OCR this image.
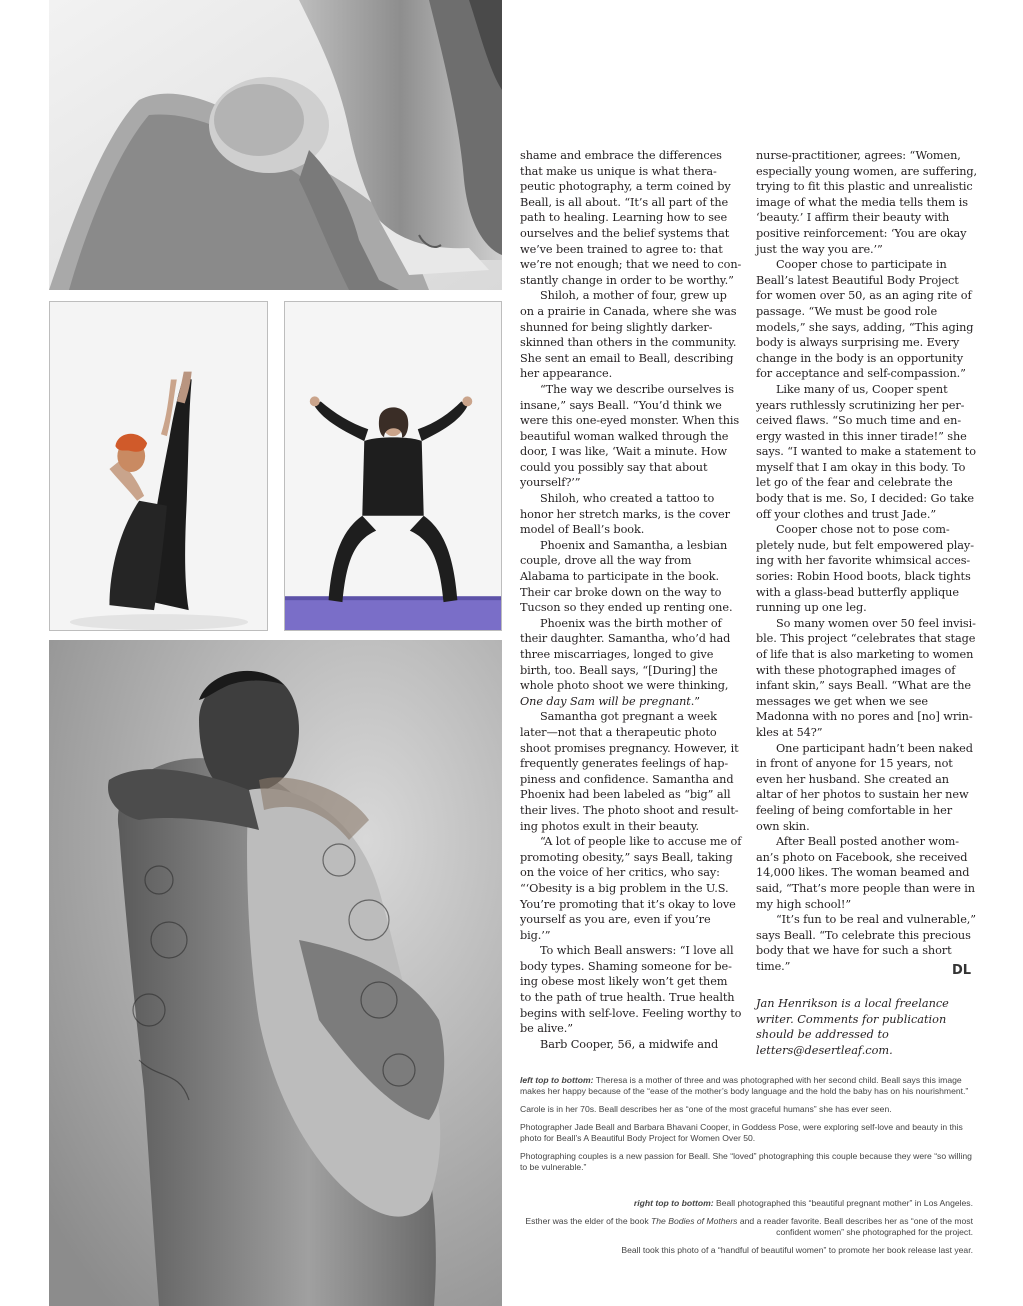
shame and embrace the differences that make us unique is what therapeutic photography, a term coined by Beall, is all about. “It’s all part of the path to healing. Learning how to see ourselves and the belief systems that we’ve been trained to agree to: that we’re not enough; that we need to constantly change in order to be worthy.”

Shiloh, a mother of four, grew up on a prairie in Canada, where she was shunned for being slightly darker-skinned than others in the community. She sent an email to Beall, describing her appearance.

“The way we describe ourselves is insane,” says Beall. “You’d think we were this one-eyed monster. When this beautiful woman walked through the door, I was like, ‘Wait a minute. How could you possibly say that about yourself?’”

Shiloh, who created a tattoo to honor her stretch marks, is the cover model of Beall’s book.

Phoenix and Samantha, a lesbian couple, drove all the way from Alabama to participate in the book. Their car broke down on the way to Tucson so they ended up renting one.

Phoenix was the birth mother of their daughter. Samantha, who’d had three miscarriages, longed to give birth, too. Beall says, “[During] the whole photo shoot we were thinking, One day Sam will be pregnant.”

Samantha got pregnant a week later—not that a therapeutic photo shoot promises pregnancy. However, it frequently generates feelings of happiness and confidence. Samantha and Phoenix had been labeled as “big” all their lives. The photo shoot and resulting photos exult in their beauty.

“A lot of people like to accuse me of promoting obesity,” says Beall, taking on the voice of her critics, who say: “‘Obesity is a big problem in the U.S. You’re promoting that it’s okay to love yourself as you are, even if you’re big.’”

To which Beall answers: “I love all body types. Shaming someone for being obese most likely won’t get them to the path of true health. True health begins with self-love. Feeling worthy to be alive.”

Barb Cooper, 56, a midwife and

nurse-practitioner, agrees: “Women, especially young women, are suffering, trying to fit this plastic and unrealistic image of what the media tells them is ‘beauty.’ I affirm their beauty with positive reinforcement: ‘You are okay just the way you are.’”

Cooper chose to participate in Beall’s latest Beautiful Body Project for women over 50, as an aging rite of passage. “We must be good role models,” she says, adding, “This aging body is always surprising me. Every change in the body is an opportunity for acceptance and self-compassion.”

Like many of us, Cooper spent years ruthlessly scrutinizing her perceived flaws. “So much time and energy wasted in this inner tirade!” she says. “I wanted to make a statement to myself that I am okay in this body. To let go of the fear and celebrate the body that is me. So, I decided: Go take off your clothes and trust Jade.”

Cooper chose not to pose completely nude, but felt empowered playing with her favorite whimsical accessories: Robin Hood boots, black tights with a glass-bead butterfly applique running up one leg.

So many women over 50 feel invisible. This project “celebrates that stage of life that is also marketing to women with these photographed images of infant skin,” says Beall. “What are the messages we get when we see Madonna with no pores and [no] wrinkles at 54?”

One participant hadn’t been naked in front of anyone for 15 years, not even her husband. She created an altar of her photos to sustain her new feeling of being comfortable in her own skin.

After Beall posted another woman’s photo on Facebook, she received 14,000 likes. The woman beamed and said, “That’s more people than were in my high school!”

“It’s fun to be real and vulnerable,” says Beall. “To celebrate this precious body that we have for such a short time.”	DL
Jan Henrikson is a local freelance writer. Comments for publication should be addressed to letters@desertleaf.com.

left top to bottom: Theresa is a mother of three and was photographed with her second child. Beall says this image makes her happy because of the “ease of the mother’s body language and the hold the baby has on his nourishment.”

Carole is in her 70s. Beall describes her as “one of the most graceful humans” she has ever seen.

Photographer Jade Beall and Barbara Bhavani Cooper, in Goddess Pose, were exploring self-love and beauty in this photo for Beall’s A Beautiful Body Project for Women Over 50.

Photographing couples is a new passion for Beall. She “loved” photographing this couple because they were “so willing to be vulnerable.”

right top to bottom: Beall photographed this “beautiful pregnant mother” in Los Angeles.

Esther was the elder of the book The Bodies of Mothers and a reader favorite. Beall describes her as “one of the most confident women” she photographed for the project.

Beall took this photo of a “handful of beautiful women” to promote her book release last year.
